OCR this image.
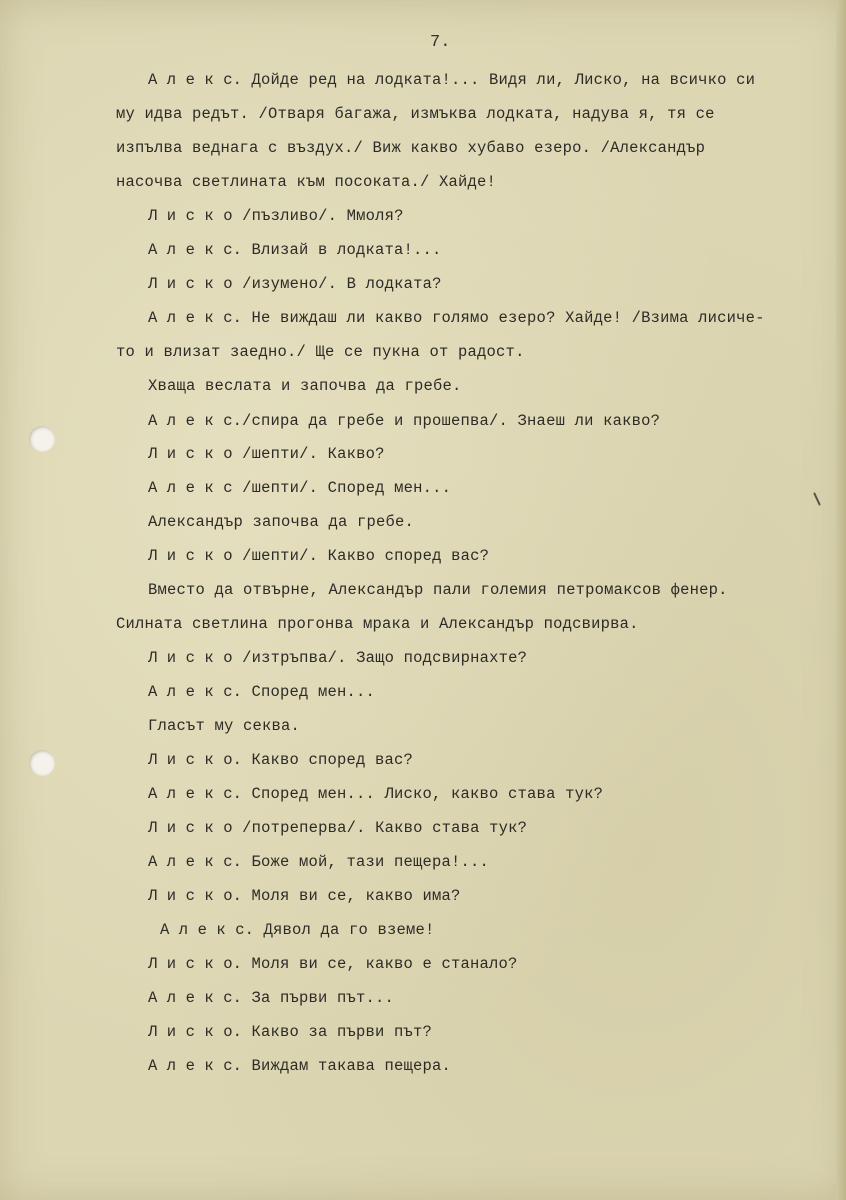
7.
А л е к с. Дойде ред на лодката!... Видя ли, Лиско, на всичко си
му идва редът. /Отваря багажа, измъква лодката, надува я, тя се
изпълва веднага с въздух./ Виж какво хубаво езеро. /Александър
насочва светлината към посоката./ Хайде!
Л и с к о /пъзливо/. Ммоля?
А л е к с. Влизай в лодката!...
Л и с к о /изумено/. В лодката?
А л е к с. Не виждаш ли какво голямо езеро? Хайде! /Взима лисиче-
то и влизат заедно./ Ще се пукна от радост.
Хваща веслата и започва да гребе.
А л е к с./спира да гребе и прошепва/. Знаеш ли какво?
Л и с к о /шепти/. Какво?
А л е к с /шепти/. Според мен...
Александър започва да гребе.
Л и с к о /шепти/. Какво според вас?
Вместо да отвърне, Александър пали големия петромаксов фенер.
Силната светлина прогонва мрака и Александър подсвирва.
Л и с к о /изтръпва/. Защо подсвирнахте?
А л е к с. Според мен...
Гласът му секва.
Л и с к о. Какво според вас?
А л е к с. Според мен... Лиско, какво става тук?
Л и с к о /потреперва/. Какво става тук?
А л е к с. Боже мой, тази пещера!...
Л и с к о. Моля ви се, какво има?
А л е к с. Дявол да го вземе!
Л и с к о. Моля ви се, какво е станало?
А л е к с. За първи път...
Л и с к о. Какво за първи път?
А л е к с. Виждам такава пещера.
